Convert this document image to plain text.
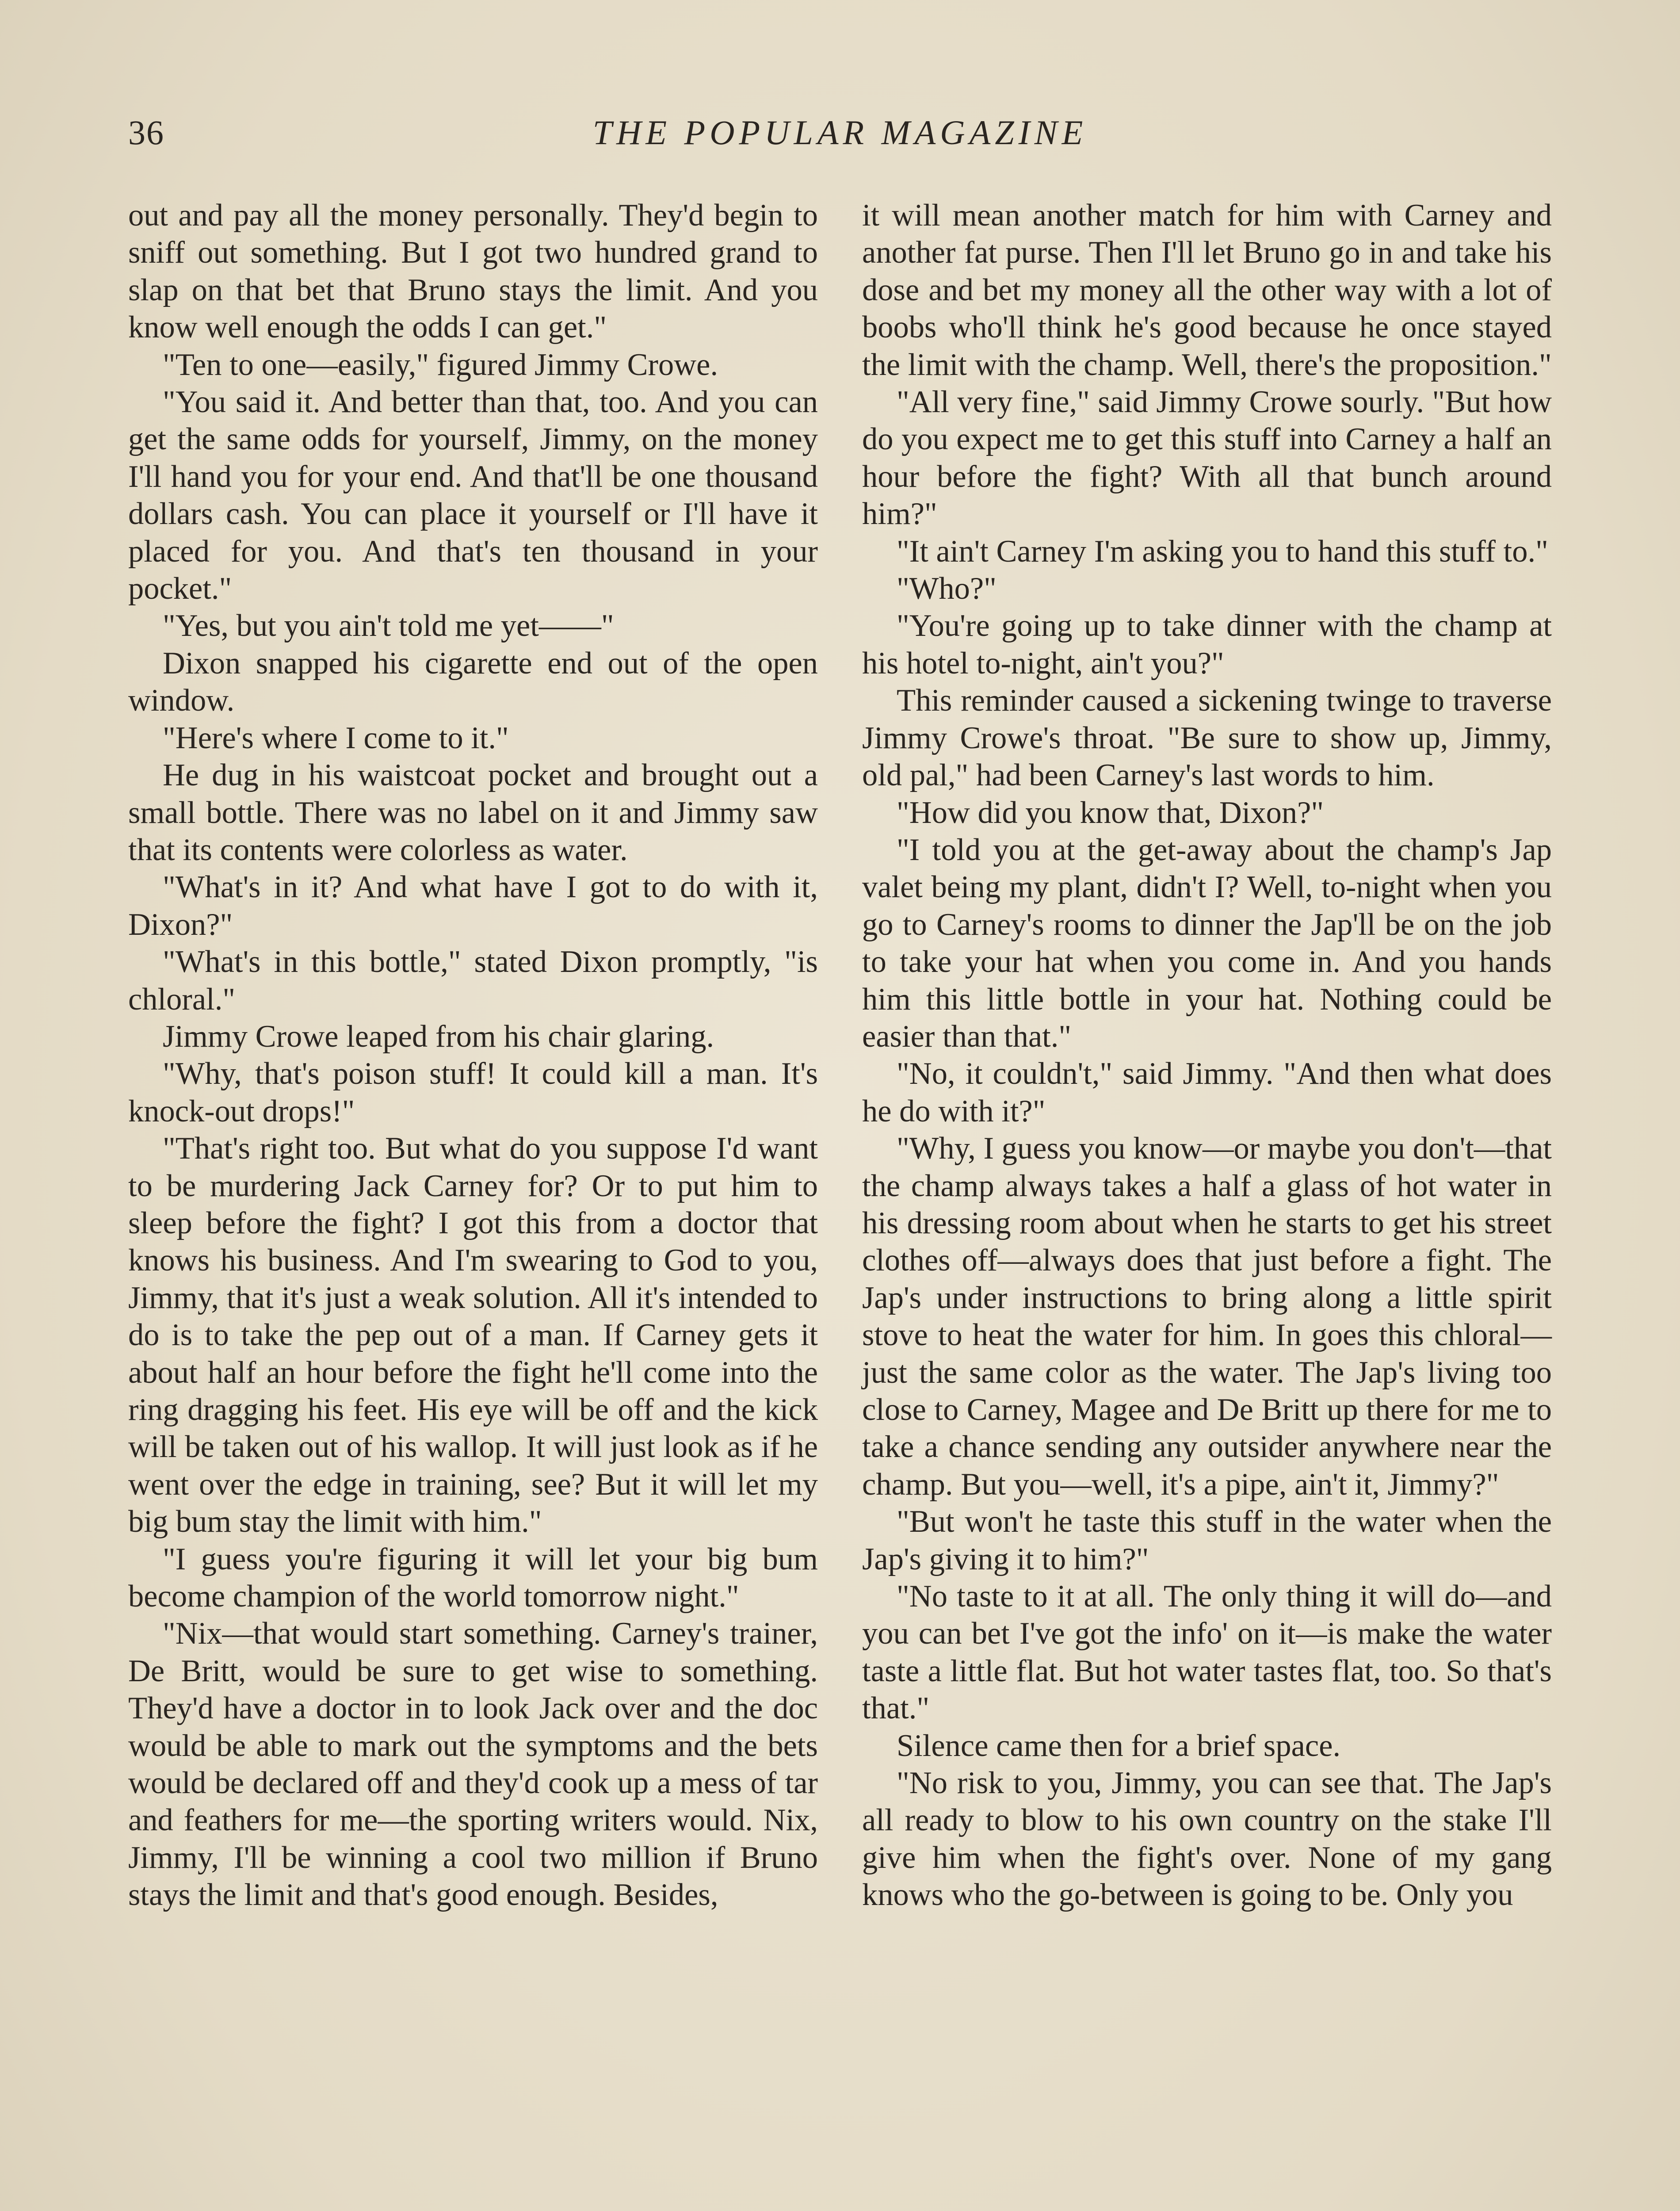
36	THE POPULAR MAGAZINE

out and pay all the money personally. They'd begin to sniff out something. But I got two hundred grand to slap on that bet that Bruno stays the limit. And you know well enough the odds I can get."

"Ten to one—easily," figured Jimmy Crowe.

"You said it. And better than that, too. And you can get the same odds for yourself, Jimmy, on the money I'll hand you for your end. And that'll be one thousand dollars cash. You can place it yourself or I'll have it placed for you. And that's ten thousand in your pocket."

"Yes, but you ain't told me yet——"

Dixon snapped his cigarette end out of the open window.

"Here's where I come to it."

He dug in his waistcoat pocket and brought out a small bottle. There was no label on it and Jimmy saw that its contents were colorless as water.

"What's in it? And what have I got to do with it, Dixon?"

"What's in this bottle," stated Dixon promptly, "is chloral."

Jimmy Crowe leaped from his chair glaring.

"Why, that's poison stuff! It could kill a man. It's knock-out drops!"

"That's right too. But what do you suppose I'd want to be murdering Jack Carney for? Or to put him to sleep before the fight? I got this from a doctor that knows his business. And I'm swearing to God to you, Jimmy, that it's just a weak solution. All it's intended to do is to take the pep out of a man. If Carney gets it about half an hour before the fight he'll come into the ring dragging his feet. His eye will be off and the kick will be taken out of his wallop. It will just look as if he went over the edge in training, see? But it will let my big bum stay the limit with him."

"I guess you're figuring it will let your big bum become champion of the world tomorrow night."

"Nix—that would start something. Carney's trainer, De Britt, would be sure to get wise to something. They'd have a doctor in to look Jack over and the doc would be able to mark out the symptoms and the bets would be declared off and they'd cook up a mess of tar and feathers for me—the sporting writers would. Nix, Jimmy, I'll be winning a cool two million if Bruno stays the limit and that's good enough. Besides,

it will mean another match for him with Carney and another fat purse. Then I'll let Bruno go in and take his dose and bet my money all the other way with a lot of boobs who'll think he's good because he once stayed the limit with the champ. Well, there's the proposition."

"All very fine," said Jimmy Crowe sourly. "But how do you expect me to get this stuff into Carney a half an hour before the fight? With all that bunch around him?"

"It ain't Carney I'm asking you to hand this stuff to."

"Who?"

"You're going up to take dinner with the champ at his hotel to-night, ain't you?"

This reminder caused a sickening twinge to traverse Jimmy Crowe's throat. "Be sure to show up, Jimmy, old pal," had been Carney's last words to him.

"How did you know that, Dixon?"

"I told you at the get-away about the champ's Jap valet being my plant, didn't I? Well, to-night when you go to Carney's rooms to dinner the Jap'll be on the job to take your hat when you come in. And you hands him this little bottle in your hat. Nothing could be easier than that."

"No, it couldn't," said Jimmy. "And then what does he do with it?"

"Why, I guess you know—or maybe you don't—that the champ always takes a half a glass of hot water in his dressing room about when he starts to get his street clothes off—always does that just before a fight. The Jap's under instructions to bring along a little spirit stove to heat the water for him. In goes this chloral—just the same color as the water. The Jap's living too close to Carney, Magee and De Britt up there for me to take a chance sending any outsider anywhere near the champ. But you—well, it's a pipe, ain't it, Jimmy?"

"But won't he taste this stuff in the water when the Jap's giving it to him?"

"No taste to it at all. The only thing it will do—and you can bet I've got the info' on it—is make the water taste a little flat. But hot water tastes flat, too. So that's that."

Silence came then for a brief space.

"No risk to you, Jimmy, you can see that. The Jap's all ready to blow to his own country on the stake I'll give him when the fight's over. None of my gang knows who the go-between is going to be. Only you
